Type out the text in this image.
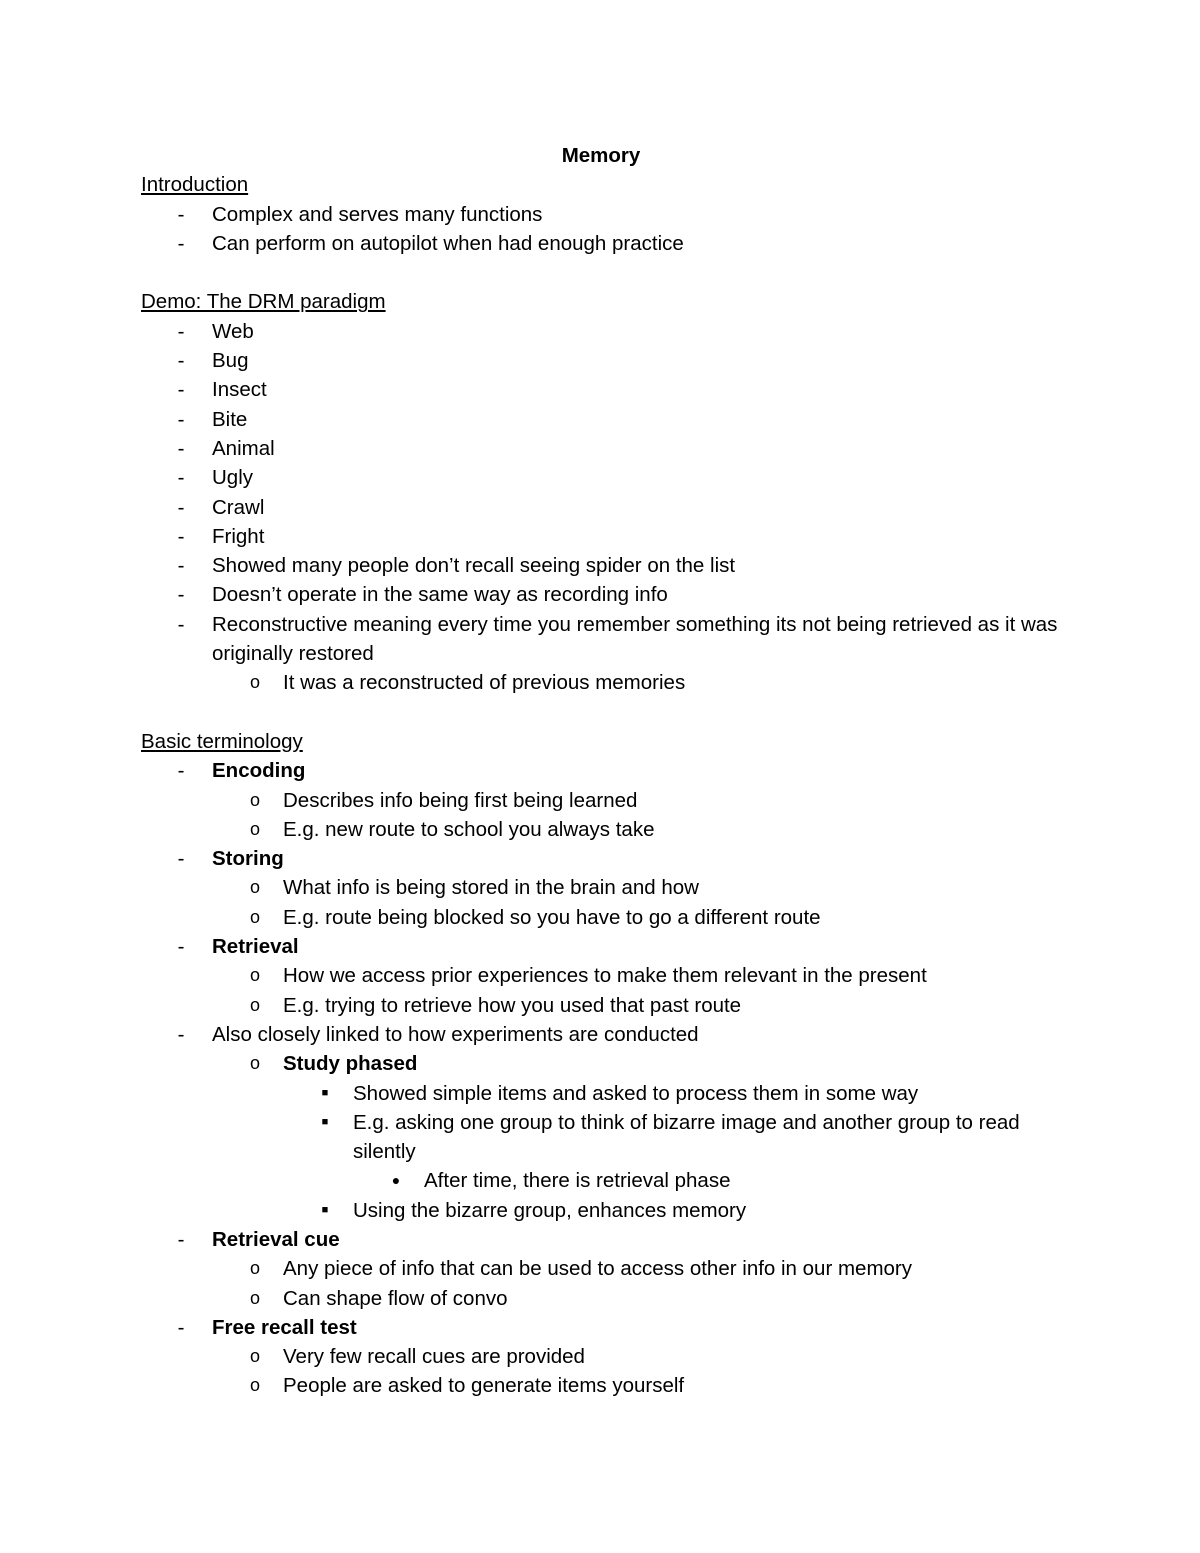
Memory

Introduction

-	Complex and serves many functions
-	Can perform on autopilot when had enough practice

Demo: The DRM paradigm

-	Web
-	Bug
-	Insect
-	Bite
-	Animal
-	Ugly
-	Crawl
-	Fright
-	Showed many people don’t recall seeing spider on the list
-	Doesn’t operate in the same way as recording info
-	Reconstructive meaning every time you remember something its not being retrieved as it was originally restored
o It was a reconstructed of previous memories

Basic terminology

-	Encoding
o Describes info being first being learned
o E.g. new route to school you always take
-	Storing
o What info is being stored in the brain and how
o E.g. route being blocked so you have to go a different route
-	Retrieval
o How we access prior experiences to make them relevant in the present
o E.g. trying to retrieve how you used that past route
-	Also closely linked to how experiments are conducted
o Study phased
■	Showed simple items and asked to process them in some way
■	E.g. asking one group to think of bizarre image and another group to read silently
● After time, there is retrieval phase
■	Using the bizarre group, enhances memory
-	Retrieval cue
o Any piece of info that can be used to access other info in our memory
o Can shape flow of convo
-	Free recall test
o Very few recall cues are provided
o People are asked to generate items yourself
